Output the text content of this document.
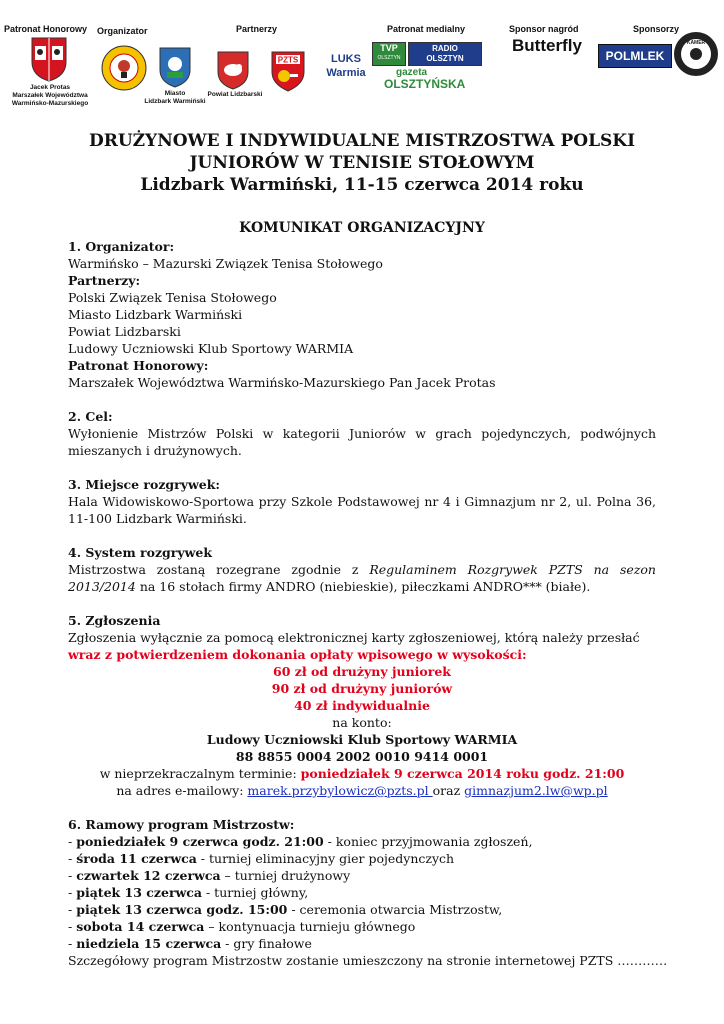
Patronat Honorowy Organizator	Partnerzy	Patronat medialny	Sponsor nagród	Sponsorzy
Jacek Protas
Marszałek Województwa
Warmińsko-Mazurskiego
Miasto
Lidzbark Warmiński
Powiat Lidzbarski
PZTS	LUKS
Warmia
TVP
OLSZTYN
RADIO
OLSZTYN
gazeta
OLSZTYŃSKA
Butterfly
POLMLEK
KAMER
DRUŻYNOWE I INDYWIDUALNE MISTRZOSTWA POLSKI
JUNIORÓW W TENISIE STOŁOWYM
Lidzbark Warmiński, 11-15 czerwca 2014 roku
KOMUNIKAT ORGANIZACYJNY

1. Organizator:

Warmińsko – Mazurski Związek Tenisa Stołowego

Partnerzy:

Polski Związek Tenisa Stołowego

Miasto Lidzbark Warmiński

Powiat Lidzbarski

Ludowy Uczniowski Klub Sportowy WARMIA

Patronat Honorowy:

Marszałek Województwa Warmińsko-Mazurskiego Pan Jacek Protas

2. Cel:

Wyłonienie Mistrzów Polski w kategorii Juniorów w grach pojedynczych, podwójnych mieszanych i drużynowych.

3. Miejsce rozgrywek:

Hala Widowiskowo-Sportowa przy Szkole Podstawowej nr 4 i Gimnazjum nr 2, ul. Polna 36, 11-100 Lidzbark Warmiński.

4. System rozgrywek

Mistrzostwa zostaną rozegrane zgodnie z Regulaminem Rozgrywek PZTS na sezon 2013/2014 na 16 stołach firmy ANDRO (niebieskie), piłeczkami ANDRO*** (białe).

5. Zgłoszenia

Zgłoszenia wyłącznie za pomocą elektronicznej karty zgłoszeniowej, którą należy przesłać

wraz z potwierdzeniem dokonania opłaty wpisowego w wysokości:

60 zł od drużyny juniorek

90 zł od drużyny juniorów

40 zł indywidualnie

na konto:

Ludowy Uczniowski Klub Sportowy WARMIA

88 8855 0004 2002 0010 9414 0001

w nieprzekraczalnym terminie: poniedziałek 9 czerwca 2014 roku godz. 21:00

na adres e-mailowy: marek.przybylowicz@pzts.pl oraz gimnazjum2.lw@wp.pl

6. Ramowy program Mistrzostw:

- poniedziałek 9 czerwca godz. 21:00 - koniec przyjmowania zgłoszeń,

- środa 11 czerwca - turniej eliminacyjny gier pojedynczych

- czwartek 12 czerwca – turniej drużynowy

- piątek 13 czerwca - turniej główny,

- piątek 13 czerwca godz. 15:00 - ceremonia otwarcia Mistrzostw,

- sobota 14 czerwca – kontynuacja turnieju głównego

- niedziela 15 czerwca - gry finałowe

Szczegółowy program Mistrzostw zostanie umieszczony na stronie internetowej PZTS …………
